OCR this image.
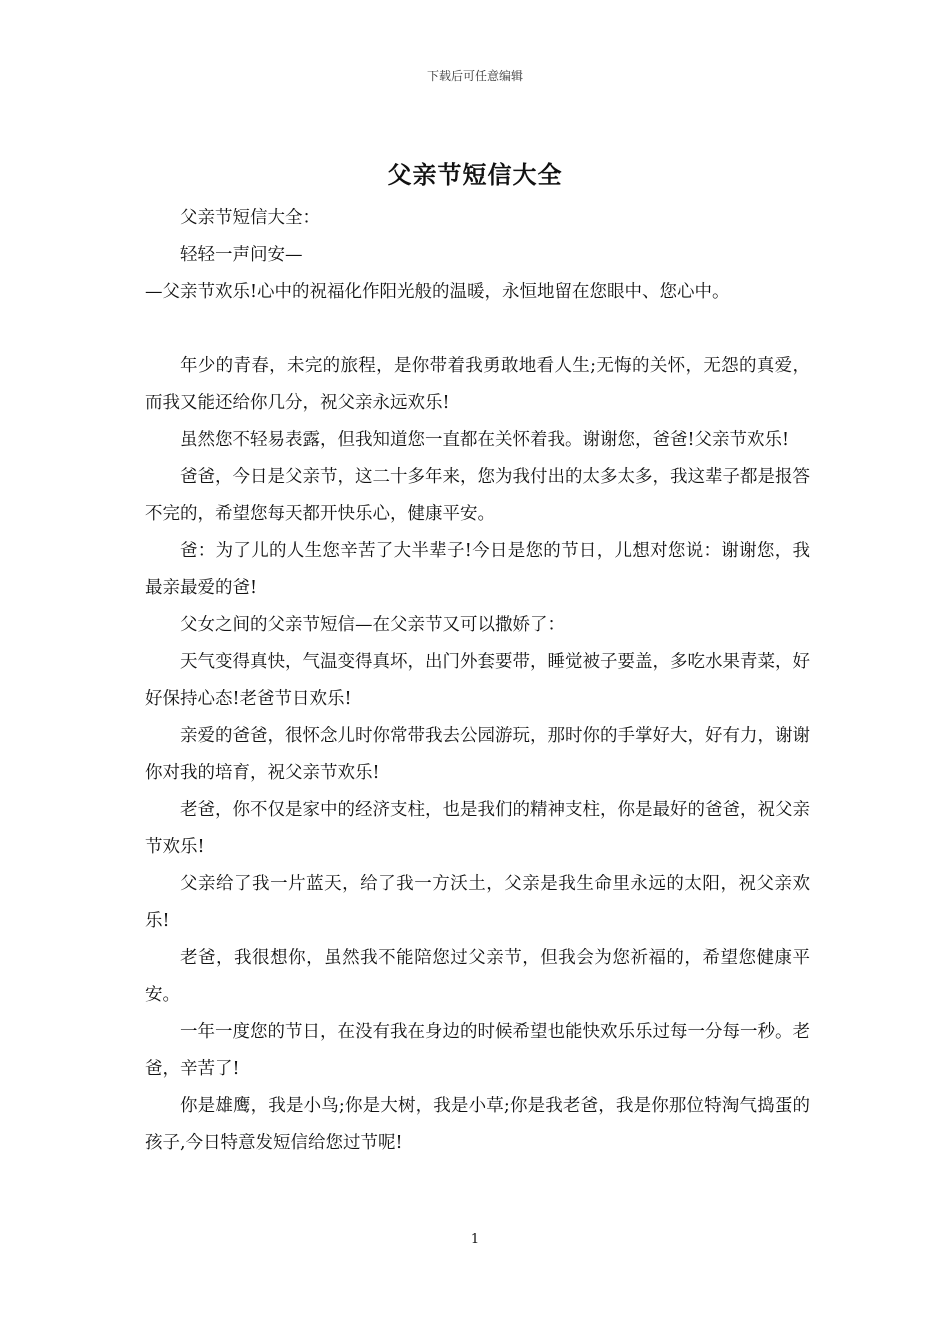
下载后可任意编辑
父亲节短信大全

父亲节短信大全：

轻轻一声问安—

—父亲节欢乐!心中的祝福化作阳光般的温暖，永恒地留在您眼中、您心中。

年少的青春，未完的旅程，是你带着我勇敢地看人生;无悔的关怀，无怨的真爱，而我又能还给你几分，祝父亲永远欢乐!

虽然您不轻易表露，但我知道您一直都在关怀着我。谢谢您，爸爸!父亲节欢乐!

爸爸，今日是父亲节，这二十多年来，您为我付出的太多太多，我这辈子都是报答不完的，希望您每天都开快乐心，健康平安。

爸：为了儿的人生您辛苦了大半辈子!今日是您的节日，儿想对您说：谢谢您，我最亲最爱的爸!

父女之间的父亲节短信—在父亲节又可以撒娇了：

天气变得真快，气温变得真坏，出门外套要带，睡觉被子要盖，多吃水果青菜，好好保持心态!老爸节日欢乐!

亲爱的爸爸，很怀念儿时你常带我去公园游玩，那时你的手掌好大，好有力，谢谢你对我的培育，祝父亲节欢乐!

老爸，你不仅是家中的经济支柱，也是我们的精神支柱，你是最好的爸爸，祝父亲节欢乐!

父亲给了我一片蓝天，给了我一方沃土，父亲是我生命里永远的太阳，祝父亲欢乐!

老爸，我很想你，虽然我不能陪您过父亲节，但我会为您祈福的，希望您健康平安。

一年一度您的节日，在没有我在身边的时候希望也能快欢乐乐过每一分每一秒。老爸，辛苦了!

你是雄鹰，我是小鸟;你是大树，我是小草;你是我老爸，我是你那位特淘气捣蛋的孩子,今日特意发短信给您过节呢!

1
